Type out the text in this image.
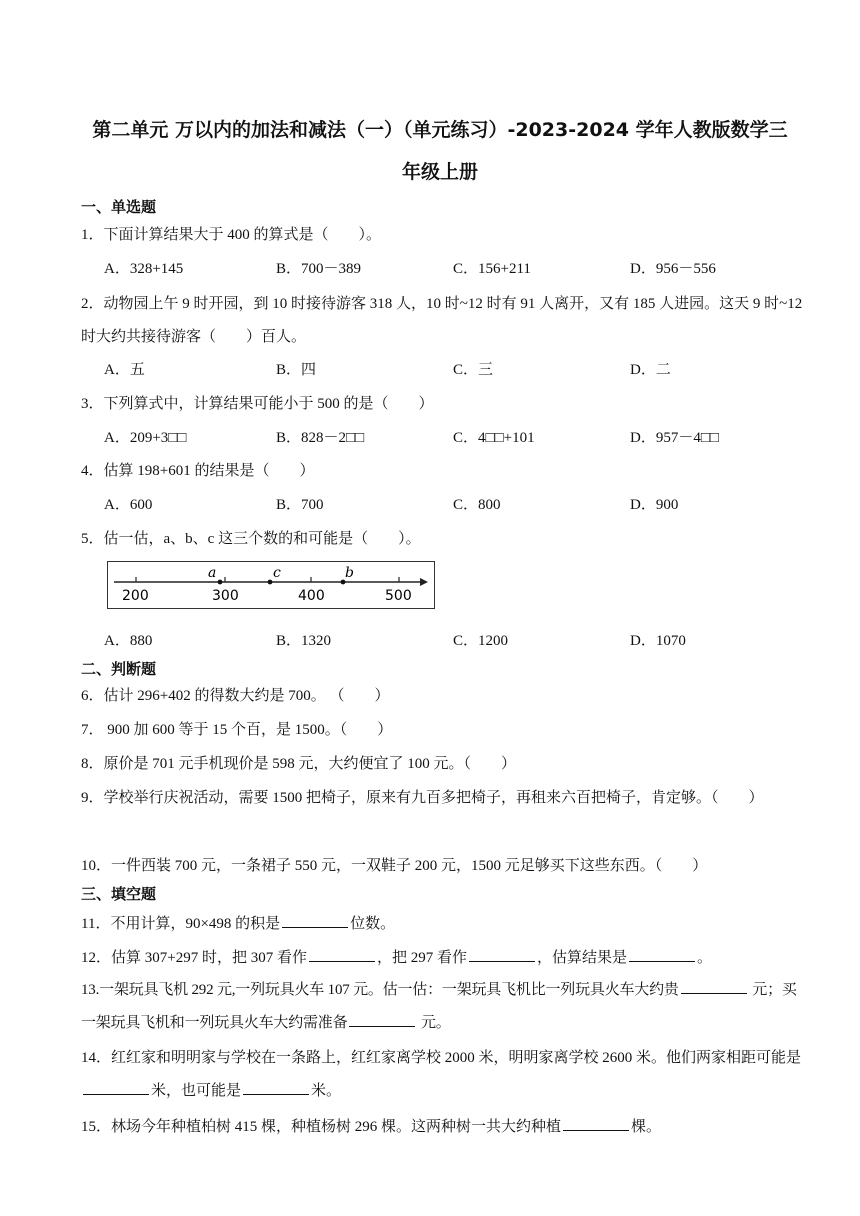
第二单元 万以内的加法和减法（一）（单元练习）-2023-2024 学年人教版数学三
年级上册
一、单选题
1．下面计算结果大于 400 的算式是（　　）。
A．328+145	B．700－389	C．156+211	D．956－556
2．动物园上午 9 时开园，到 10 时接待游客 318 人，10 时~12 时有 91 人离开，又有 185 人进园。这天 9 时~12 时大约共接待游客（　　）百人。
A．五	B．四	C．三	D．二
3．下列算式中，计算结果可能小于 500 的是（　　）
A．209+3□□	B．828－2□□	C．4□□+101	D．957－4□□
4．估算 198+601 的结果是（　　）
A．600	B．700	C．800	D．900
5．估一估，a、b、c 这三个数的和可能是（　　）。
200	300	400	500
a	c	b
A．880	B．1320	C．1200	D．1070
二、判断题
6．估计 296+402 的得数大约是 700。 （　　）
7． 900 加 600 等于 15 个百，是 1500。（　　）
8．原价是 701 元手机现价是 598 元，大约便宜了 100 元。（　　）
9．学校举行庆祝活动，需要 1500 把椅子，原来有九百多把椅子，再租来六百把椅子，肯定够。（　　）
10．一件西装 700 元，一条裙子 550 元，一双鞋子 200 元，1500 元足够买下这些东西。（　　）
三、填空题
11．不用计算，90×498 的积是	位数。
12．估算 307+297 时，把 307 看作	，把 297 看作	，估算结果是	。
13.一架玩具飞机 292 元,一列玩具火车 107 元。估一估：一架玩具飞机比一列玩具火车大约贵	元；买一架玩具飞机和一列玩具火车大约需准备	元。
14．红红家和明明家与学校在一条路上，红红家离学校 2000 米，明明家离学校 2600 米。他们两家相距可能是米，也可能是	米。
15．林场今年种植柏树 415 棵，种植杨树 296 棵。这两种树一共大约种植	棵。
